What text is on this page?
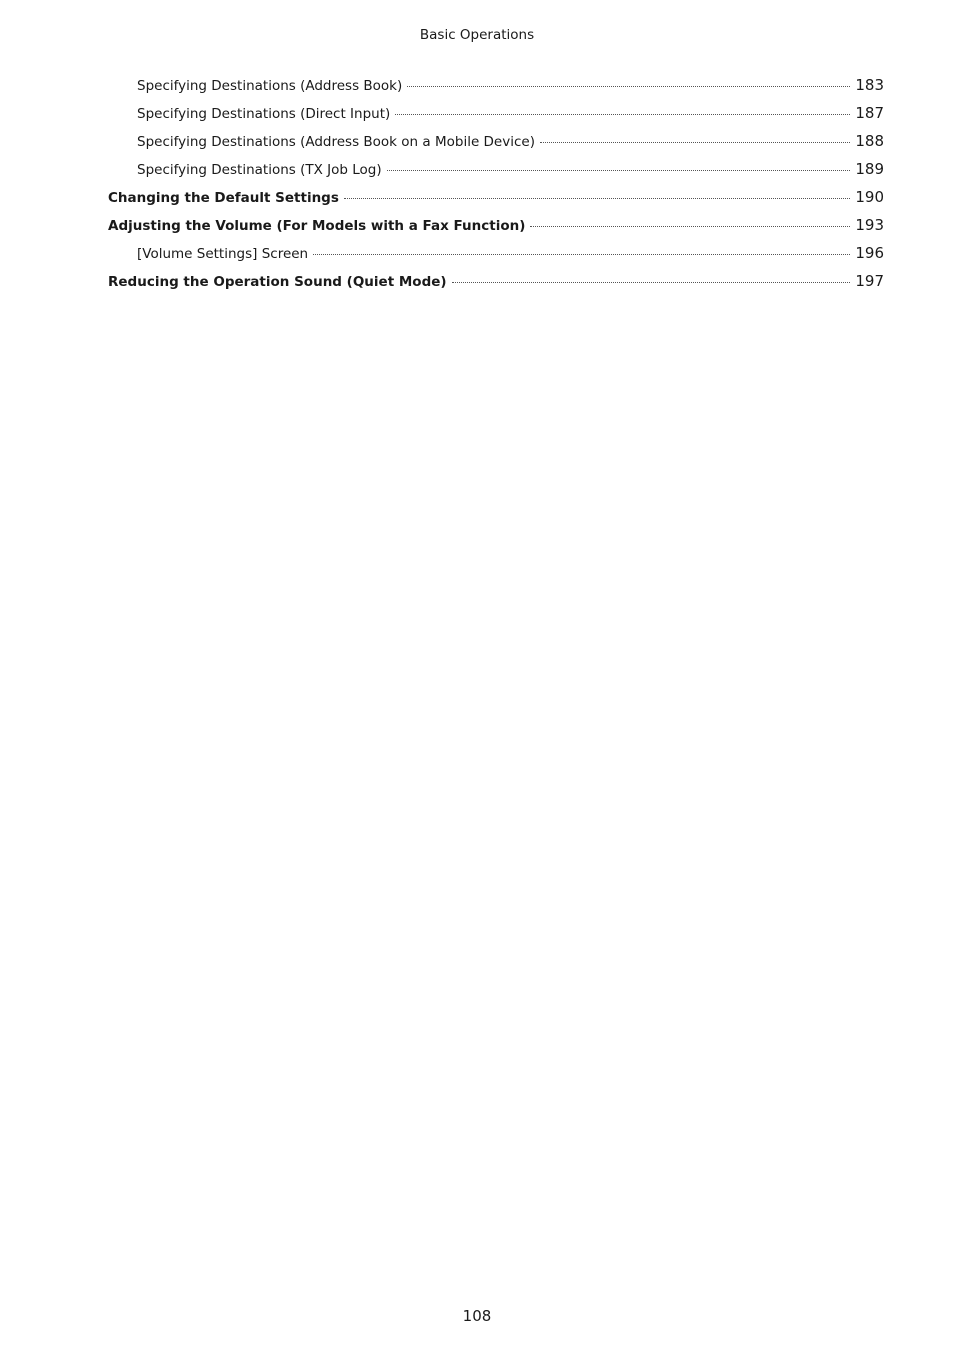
Basic Operations
Specifying Destinations (Address Book)	183
Specifying Destinations (Direct Input)	187
Specifying Destinations (Address Book on a Mobile Device)	188
Specifying Destinations (TX Job Log)	189
Changing the Default Settings	190
Adjusting the Volume (For Models with a Fax Function)	193
[Volume Settings] Screen	196
Reducing the Operation Sound (Quiet Mode)	197
108
